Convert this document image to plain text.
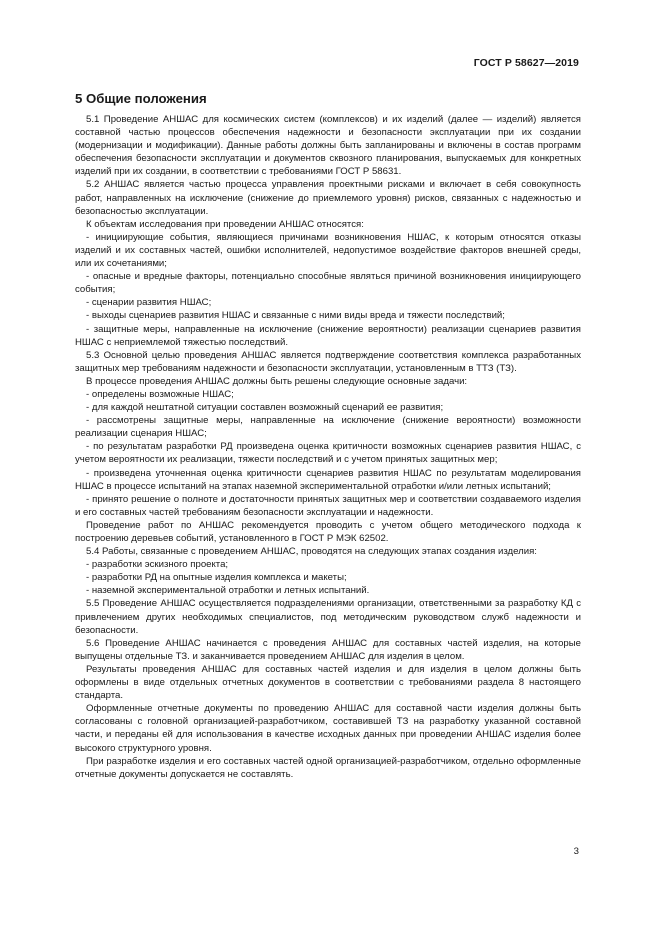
ГОСТ Р 58627—2019
5 Общие положения

5.1 Проведение АНШАС для космических систем (комплексов) и их изделий (далее — изделий) является составной частью процессов обеспечения надежности и безопасности эксплуатации при их создании (модернизации и модификации). Данные работы должны быть запланированы и включены в состав программ обеспечения безопасности эксплуатации и документов сквозного планирования, выпускаемых для конкретных изделий при их создании, в соответствии с требованиями ГОСТ Р 58631.

5.2 АНШАС является частью процесса управления проектными рисками и включает в себя совокупность работ, направленных на исключение (снижение до приемлемого уровня) рисков, связанных с надежностью и безопасностью эксплуатации.

К объектам исследования при проведении АНШАС относятся:

- инициирующие события, являющиеся причинами возникновения НШАС, к которым относятся отказы изделий и их составных частей, ошибки исполнителей, недопустимое воздействие факторов внешней среды, или их сочетаниями;

- опасные и вредные факторы, потенциально способные являться причиной возникновения инициирующего события;

- сценарии развития НШАС;

- выходы сценариев развития НШАС и связанные с ними виды вреда и тяжести последствий;

- защитные меры, направленные на исключение (снижение вероятности) реализации сценариев развития НШАС с неприемлемой тяжестью последствий.

5.3 Основной целью проведения АНШАС является подтверждение соответствия комплекса разработанных защитных мер требованиям надежности и безопасности эксплуатации, установленным в ТТЗ (ТЗ).

В процессе проведения АНШАС должны быть решены следующие основные задачи:

- определены возможные НШАС;

- для каждой нештатной ситуации составлен возможный сценарий ее развития;

- рассмотрены защитные меры, направленные на исключение (снижение вероятности) возможности реализации сценария НШАС;

- по результатам разработки РД произведена оценка критичности возможных сценариев развития НШАС, с учетом вероятности их реализации, тяжести последствий и с учетом принятых защитных мер;

- произведена уточненная оценка критичности сценариев развития НШАС по результатам моделирования НШАС в процессе испытаний на этапах наземной экспериментальной отработки и/или летных испытаний;

- принято решение о полноте и достаточности принятых защитных мер и соответствии создаваемого изделия и его составных частей требованиям безопасности эксплуатации и надежности.

Проведение работ по АНШАС рекомендуется проводить с учетом общего методического подхода к построению деревьев событий, установленного в ГОСТ Р МЭК 62502.

5.4 Работы, связанные с проведением АНШАС, проводятся на следующих этапах создания изделия:

- разработки эскизного проекта;

- разработки РД на опытные изделия комплекса и макеты;

- наземной экспериментальной отработки и летных испытаний.

5.5 Проведение АНШАС осуществляется подразделениями организации, ответственными за разработку КД с привлечением других необходимых специалистов, под методическим руководством служб надежности и безопасности.

5.6 Проведение АНШАС начинается с проведения АНШАС для составных частей изделия, на которые выпущены отдельные ТЗ. и заканчивается проведением АНШАС для изделия в целом.

Результаты проведения АНШАС для составных частей изделия и для изделия в целом должны быть оформлены в виде отдельных отчетных документов в соответствии с требованиями раздела 8 настоящего стандарта.

Оформленные отчетные документы по проведению АНШАС для составной части изделия должны быть согласованы с головной организацией-разработчиком, составившей ТЗ на разработку указанной составной части, и переданы ей для использования в качестве исходных данных при проведении АНШАС изделия более высокого структурного уровня.

При разработке изделия и его составных частей одной организацией-разработчиком, отдельно оформленные отчетные документы допускается не составлять.

3
